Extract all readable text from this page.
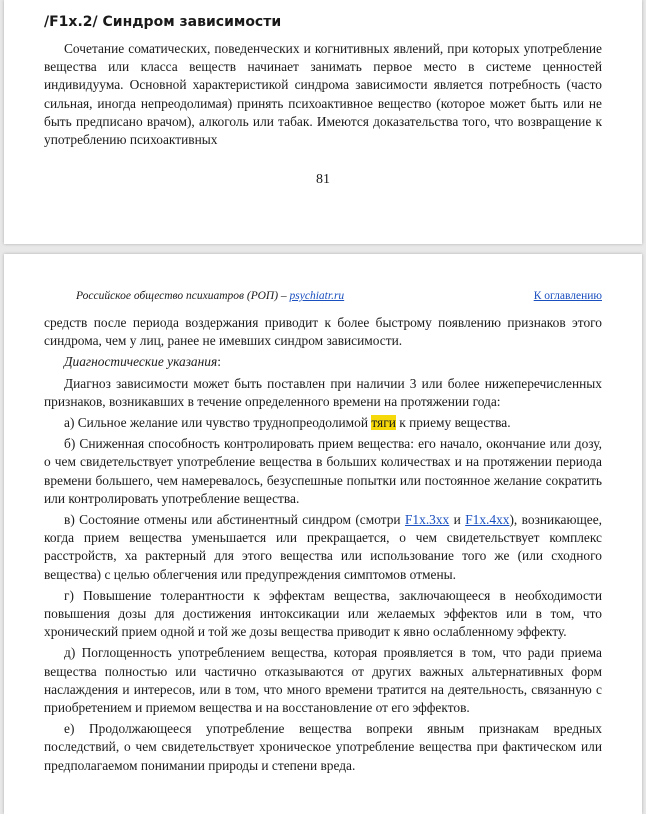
/F1x.2/ Синдром зависимости

Сочетание соматических, поведенческих и когнитивных явлений, при которых употребление вещества или класса веществ начинает занимать первое место в системе ценностей индивидуума. Основной характеристикой синдрома зависимости является потребность (часто сильная, иногда непреодолимая) принять психоактивное вещество (которое может быть или не быть предписано врачом), алкоголь или табак. Имеются доказательства того, что возвращение к употреблению психоактивных

81
Российское общество психиатров (РОП) – psychiatr.ru	К оглавлению

средств после периода воздержания приводит к более быстрому появлению признаков этого синдрома, чем у лиц, ранее не имевших синдром зависимости.

Диагностические указания:

Диагноз зависимости может быть поставлен при наличии 3 или более нижеперечисленных признаков, возникавших в течение определенного времени на протяжении года:

а) Сильное желание или чувство труднопреодолимой тяги к приему вещества.

б) Сниженная способность контролировать прием вещества: его начало, окончание или дозу, о чем свидетельствует употребление вещества в больших количествах и на протяжении периода времени большего, чем намеревалось, безуспешные попытки или постоянное желание сократить или контролировать употребление вещества.

в) Состояние отмены или абстинентный синдром (смотри F1x.3xx и F1x.4xx), возникающее, когда прием вещества уменьшается или прекращается, о чем свидетельствует комплекс расстройств, ха рактерный для этого вещества или использование того же (или сходного вещества) с целью облегчения или предупреждения симптомов отмены.

г) Повышение толерантности к эффектам вещества, заключающееся в необходимости повышения дозы для достижения интоксикации или желаемых эффектов или в том, что хронический прием одной и той же дозы вещества приводит к явно ослабленному эффекту.

д) Поглощенность употреблением вещества, которая проявляется в том, что ради приема вещества полностью или частично отказываются от других важных альтернативных форм наслаждения и интересов, или в том, что много времени тратится на деятельность, связанную с приобретением и приемом вещества и на восстановление от его эффектов.

е) Продолжающееся употребление вещества вопреки явным признакам вредных последствий, о чем свидетельствует хроническое употребление вещества при фактическом или предполагаемом понимании природы и степени вреда.
